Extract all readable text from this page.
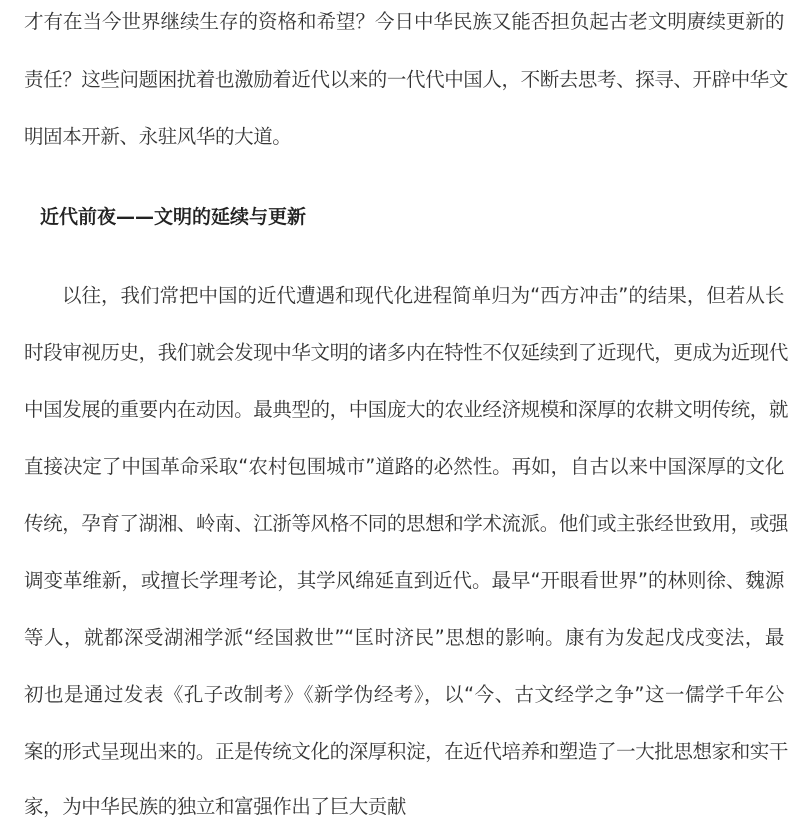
才有在当今世界继续生存的资格和希望？今日中华民族又能否担负起古老文明赓续更新的
责任？这些问题困扰着也激励着近代以来的一代代中国人，不断去思考、探寻、开辟中华文
明固本开新、永驻风华的大道。
近代前夜——文明的延续与更新
以往，我们常把中国的近代遭遇和现代化进程简单归为“西方冲击”的结果，但若从长
时段审视历史，我们就会发现中华文明的诸多内在特性不仅延续到了近现代，更成为近现代
中国发展的重要内在动因。最典型的，中国庞大的农业经济规模和深厚的农耕文明传统，就
直接决定了中国革命采取“农村包围城市”道路的必然性。再如，自古以来中国深厚的文化
传统，孕育了湖湘、岭南、江浙等风格不同的思想和学术流派。他们或主张经世致用，或强
调变革维新，或擅长学理考论，其学风绵延直到近代。最早“开眼看世界”的林则徐、魏源
等人，就都深受湖湘学派“经国救世”“匡时济民”思想的影响。康有为发起戊戌变法，最
初也是通过发表《孔子改制考》《新学伪经考》，以“今、古文经学之争”这一儒学千年公
案的形式呈现出来的。正是传统文化的深厚积淀，在近代培养和塑造了一大批思想家和实干
家，为中华民族的独立和富强作出了巨大贡献
